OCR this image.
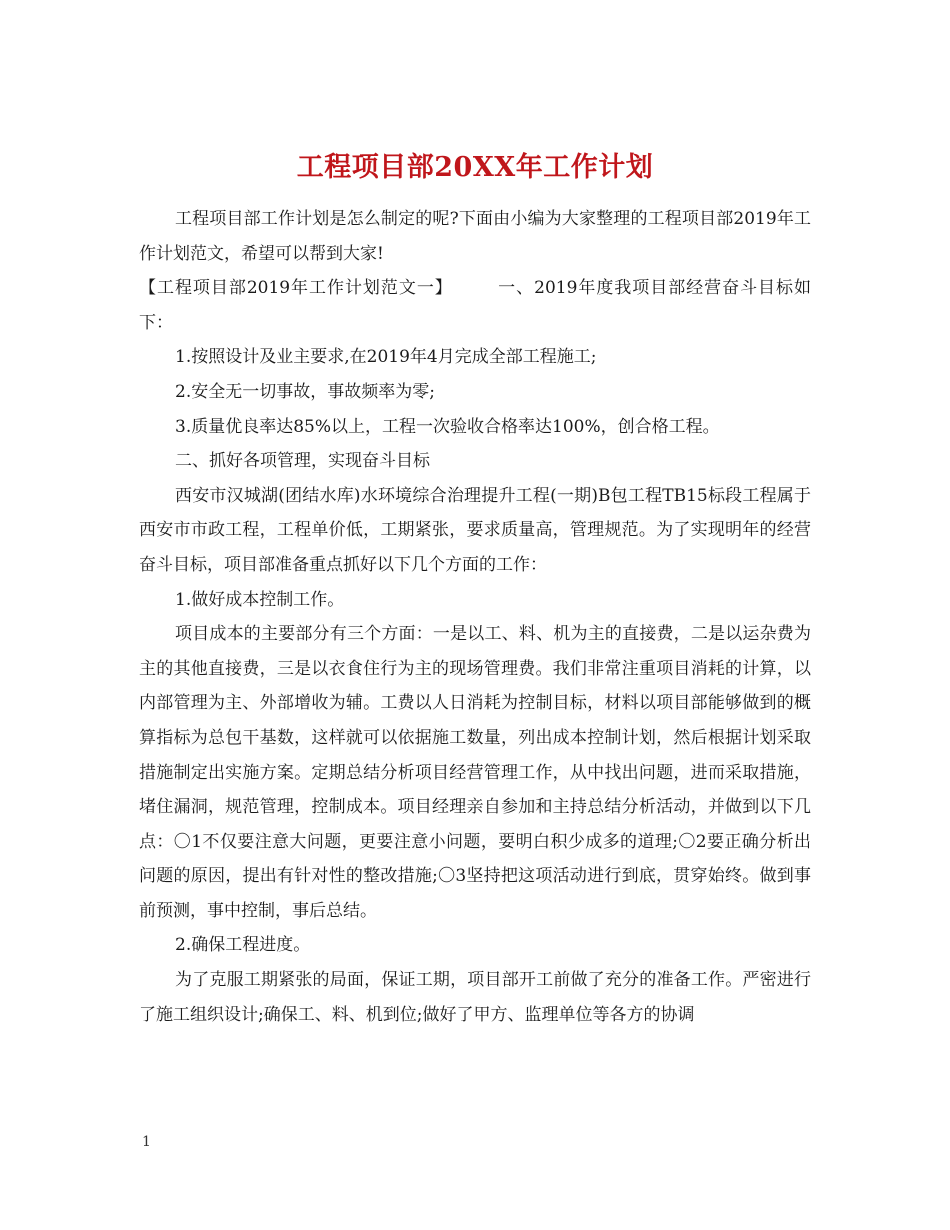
工程项目部20XX年工作计划

工程项目部工作计划是怎么制定的呢?下面由小编为大家整理的工程项目部2019年工作计划范文，希望可以帮到大家!

【工程项目部2019年工作计划范文一】　　　一、2019年度我项目部经营奋斗目标如下：

1.按照设计及业主要求,在2019年4月完成全部工程施工;

2.安全无一切事故，事故频率为零;

3.质量优良率达85%以上，工程一次验收合格率达100%，创合格工程。

二、抓好各项管理，实现奋斗目标

西安市汉城湖(团结水库)水环境综合治理提升工程(一期)B包工程TB15标段工程属于西安市市政工程，工程单价低，工期紧张，要求质量高，管理规范。为了实现明年的经营奋斗目标，项目部准备重点抓好以下几个方面的工作：

1.做好成本控制工作。

项目成本的主要部分有三个方面：一是以工、料、机为主的直接费，二是以运杂费为主的其他直接费，三是以衣食住行为主的现场管理费。我们非常注重项目消耗的计算，以内部管理为主、外部增收为辅。工费以人日消耗为控制目标，材料以项目部能够做到的概算指标为总包干基数，这样就可以依据施工数量，列出成本控制计划，然后根据计划采取措施制定出实施方案。定期总结分析项目经营管理工作，从中找出问题，进而采取措施，堵住漏洞，规范管理，控制成本。项目经理亲自参加和主持总结分析活动，并做到以下几点：〇1不仅要注意大问题，更要注意小问题，要明白积少成多的道理;〇2要正确分析出问题的原因，提出有针对性的整改措施;〇3坚持把这项活动进行到底，贯穿始终。做到事前预测，事中控制，事后总结。

2.确保工程进度。

为了克服工期紧张的局面，保证工期，项目部开工前做了充分的准备工作。严密进行了施工组织设计;确保工、料、机到位;做好了甲方、监理单位等各方的协调

1
